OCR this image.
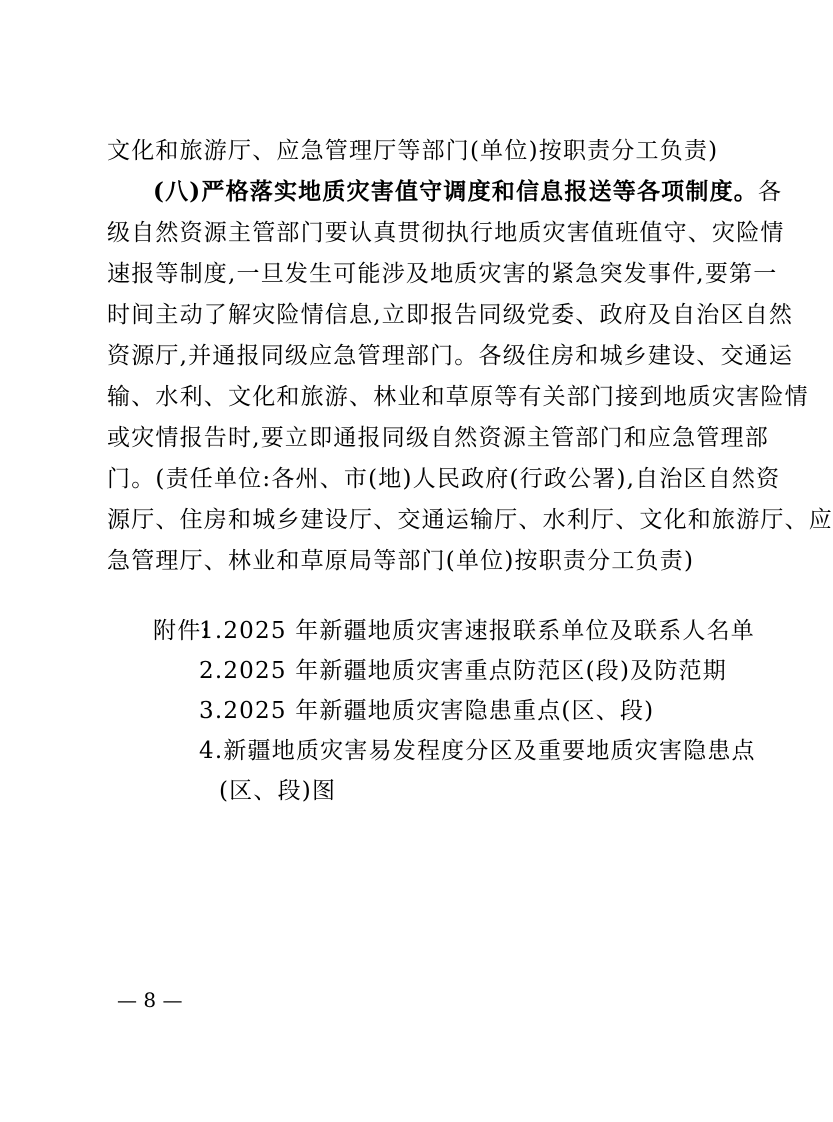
文化和旅游厅、应急管理厅等部门(单位)按职责分工负责)
(八)严格落实地质灾害值守调度和信息报送等各项制度。各
级自然资源主管部门要认真贯彻执行地质灾害值班值守、灾险情
速报等制度,一旦发生可能涉及地质灾害的紧急突发事件,要第一
时间主动了解灾险情信息,立即报告同级党委、政府及自治区自然
资源厅,并通报同级应急管理部门。各级住房和城乡建设、交通运
输、水利、文化和旅游、林业和草原等有关部门接到地质灾害险情
或灾情报告时,要立即通报同级自然资源主管部门和应急管理部
门。(责任单位:各州、市(地)人民政府(行政公署),自治区自然资
源厅、住房和城乡建设厅、交通运输厅、水利厅、文化和旅游厅、应
急管理厅、林业和草原局等部门(单位)按职责分工负责)
附件:
1.2025 年新疆地质灾害速报联系单位及联系人名单
2.2025 年新疆地质灾害重点防范区(段)及防范期
3.2025 年新疆地质灾害隐患重点(区、段)
4.新疆地质灾害易发程度分区及重要地质灾害隐患点
(区、段)图
— 8 —
